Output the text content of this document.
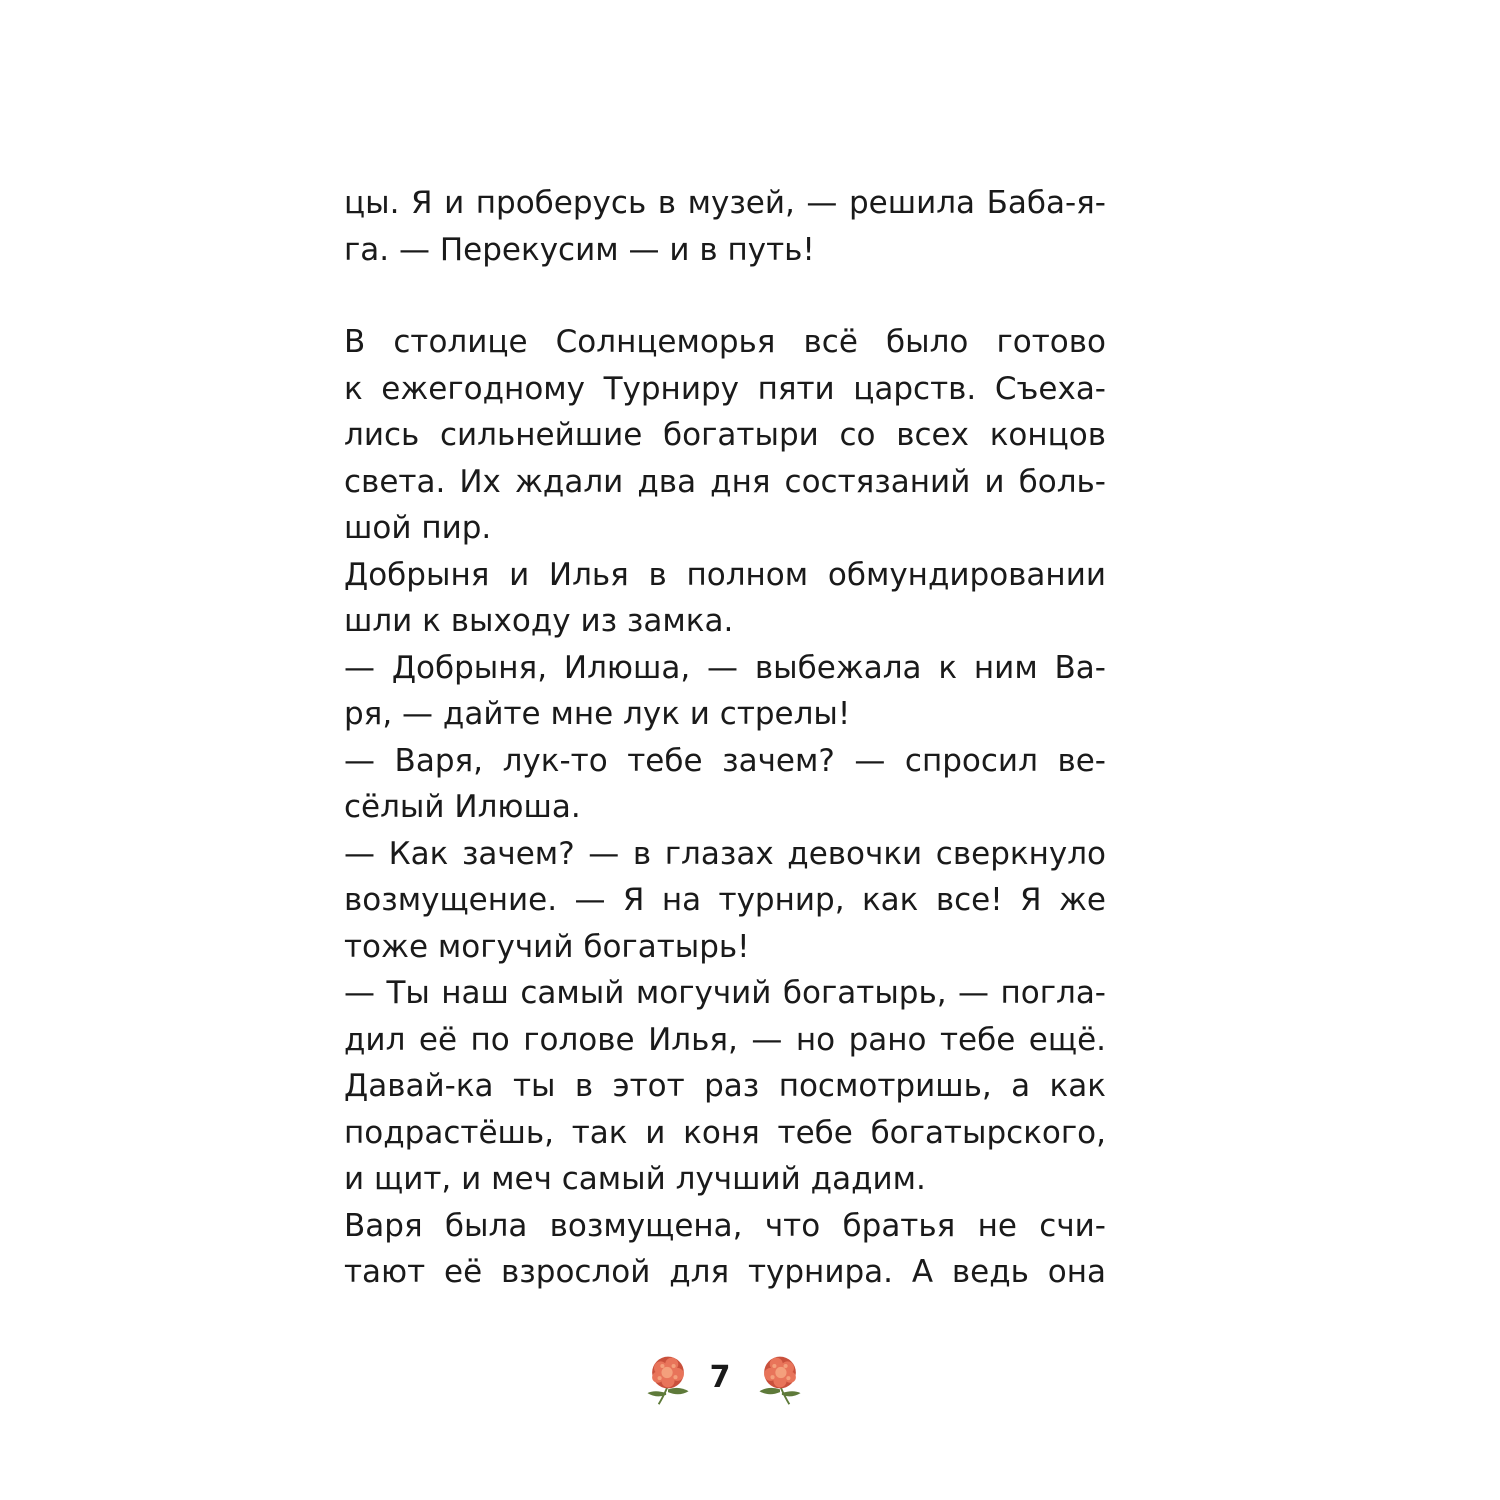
цы. Я и проберусь в музей, — решила Баба-я-
га. — Перекусим — и в путь!
В столице Солнцеморья всё было готово
к ежегодному Турниру пяти царств. Съеха-
лись сильнейшие богатыри со всех концов
света. Их ждали два дня состязаний и боль-
шой пир.
Добрыня и Илья в полном обмундировании
шли к выходу из замка.
— Добрыня, Илюша, — выбежала к ним Ва-
ря, — дайте мне лук и стрелы!
— Варя, лук-то тебе зачем? — спросил ве-
сёлый Илюша.
— Как зачем? — в глазах девочки сверкнуло
возмущение. — Я на турнир, как все! Я же
тоже могучий богатырь!
— Ты наш самый могучий богатырь, — погла-
дил её по голове Илья, — но рано тебе ещё.
Давай-ка ты в этот раз посмотришь, а как
подрастёшь, так и коня тебе богатырского,
и щит, и меч самый лучший дадим.
Варя была возмущена, что братья не счи-
тают её взрослой для турнира. А ведь она
7
